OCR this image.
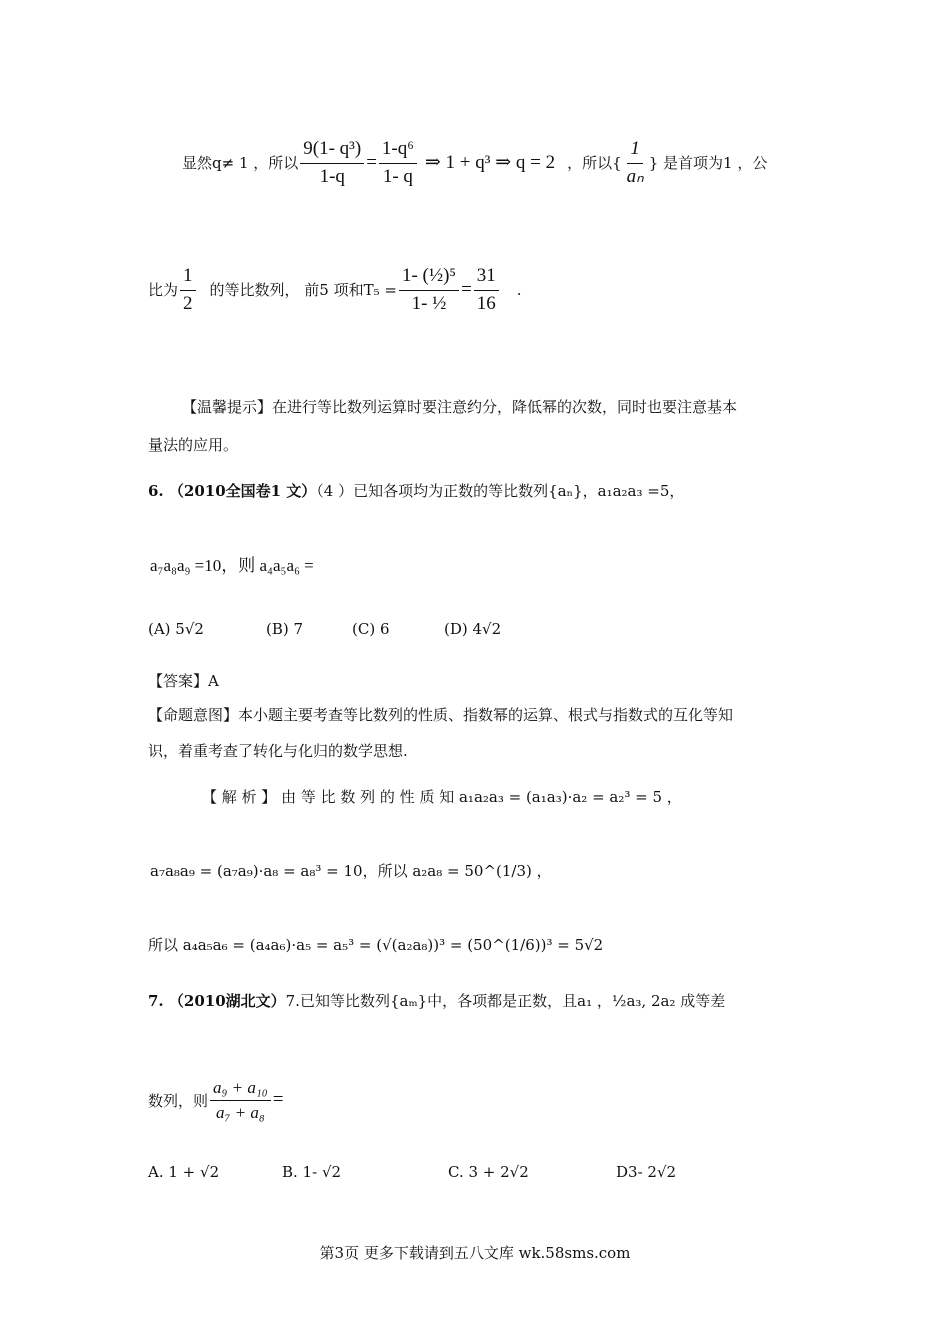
显然q≠ 1 ，所以 $\frac{\text{9(1- q³)}}{1-q} = \frac{\text{1-q⁶}}{1- q}$ ⇒ 1 + q³ ⇒ q = 2 ，所以{ $\frac{1}{\text{aₙ}}$ } 是首项为1 ，公
比为 $\frac{1}{2}$ 的等比数列， 前5 项和$T_5 = \frac{\text{1- (½)⁵}}{\text{1- ½}} = \frac{31}{16}$ .
【温馨提示】在进行等比数列运算时要注意约分，降低幂的次数，同时也要注意基本
量法的应用。
6. （2010全国卷1 文）（4 ）已知各项均为正数的等比数列{aₙ}，a₁a₂a₃ =5，
a₇a₈a₉ =10，则 a₄a₅a₆ =
(A) 5√2	(B) 7	(C) 6	(D) 4√2
【答案】A
【命题意图】本小题主要考查等比数列的性质、指数幂的运算、根式与指数式的互化等知
识，着重考查了转化与化归的数学思想.
【 解 析 】 由 等 比 数 列 的 性 质 知 a₁a₂a₃ = (a₁a₃)·a₂ = a₂³ = 5 ，
a₇a₈a₉ = (a₇a₉)·a₈ = a₈³ = 10，所以 a₂a₈ = 50^(1/3) ，
所以 a₄a₅a₆ = (a₄a₆)·a₅ = a₅³ = (√(a₂a₈))³ = (50^(1/6))³ = 5√2
7. （2010湖北文）7.已知等比数列{aₘ}中，各项都是正数，且a₁ ，½a₃, 2a₂ 成等差
数列，则 $\frac{\text{a₉ + a₁₀}}{\text{a₇ + a₈}}$ =
A. 1 + √2	B. 1- √2	C. 3 + 2√2	D3- 2√2
第3页 更多下载请到五八文库 wk.58sms.com
